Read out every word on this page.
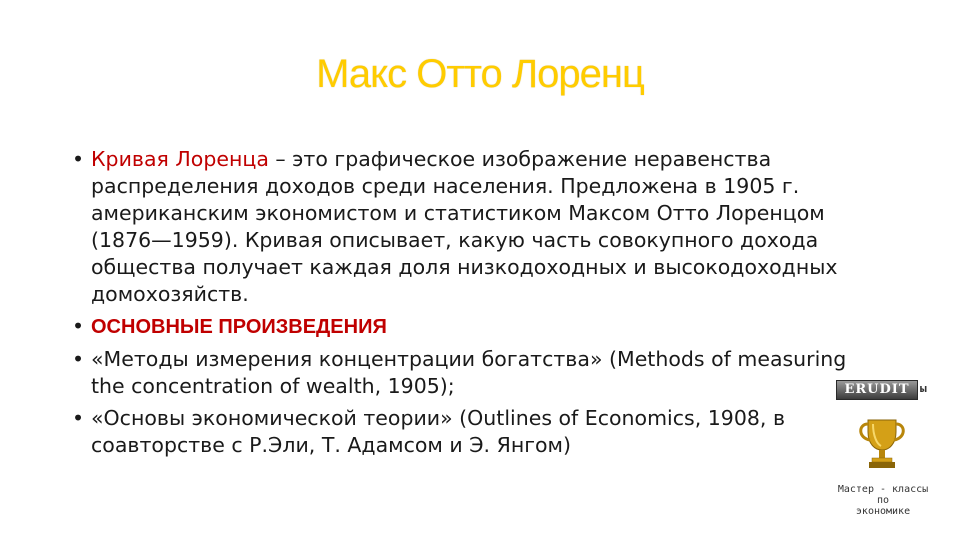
Макс Отто Лоренц
• Кривая Лоренца – это графическое изображение неравенства распределения доходов среди населения. Предложена в 1905 г. американским экономистом и статистиком Максом Отто Лоренцом (1876—1959). Кривая описывает, какую часть совокупного дохода общества получает каждая доля низкодоходных и высокодоходных домохозяйств.
• ОСНОВНЫЕ ПРОИЗВЕДЕНИЯ
• «Методы измерения концентрации богатства» (Methods of measuring the concentration of wealth, 1905);
• «Основы экономической теории» (Outlines of Economics, 1908, в соавторстве с Р.Эли, Т. Адамсом и Э. Янгом)
ERUDIT ы
Мастер - классы
по
экономике
